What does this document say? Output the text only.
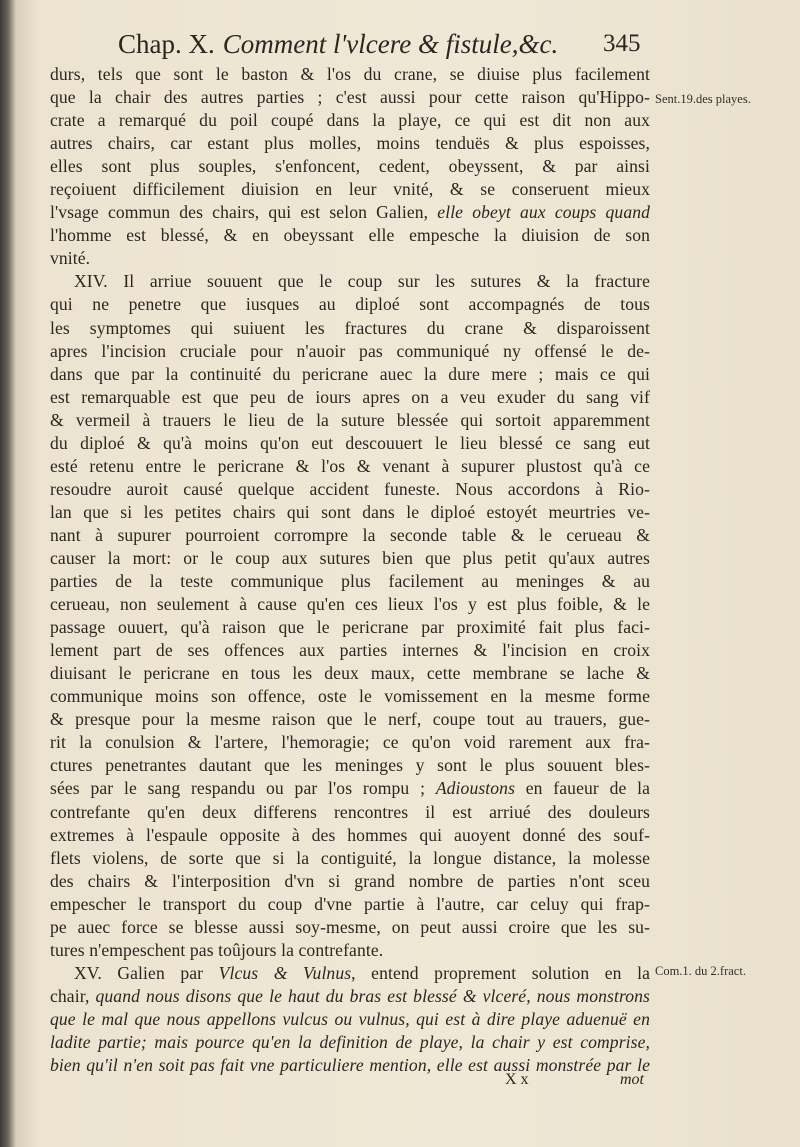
Chap. X. Comment l'vlcere & fistule,&c.	345
Sent.19.des playes.
Com.1. du 2.fract.
durs, tels que sont le baston & l'os du crane, se diuise plus facilement
que la chair des autres parties ; c'est aussi pour cette raison qu'Hippo-
crate a remarqué du poil coupé dans la playe, ce qui est dit non aux
autres chairs, car estant plus molles, moins tenduës & plus espoisses,
elles sont plus souples, s'enfoncent, cedent, obeyssent, & par ainsi
reçoiuent difficilement diuision en leur vnité, & se conseruent mieux
l'vsage commun des chairs, qui est selon Galien, elle obeyt aux coups quand
l'homme est blessé, & en obeyssant elle empesche la diuision de son
vnité.
XIV. Il arriue souuent que le coup sur les sutures & la fracture
qui ne penetre que iusques au diploé sont accompagnés de tous
les symptomes qui suiuent les fractures du crane & disparoissent
apres l'incision cruciale pour n'auoir pas communiqué ny offensé le de-
dans que par la continuité du pericrane auec la dure mere ; mais ce qui
est remarquable est que peu de iours apres on a veu exuder du sang vif
& vermeil à trauers le lieu de la suture blessée qui sortoit apparemment
du diploé & qu'à moins qu'on eut descouuert le lieu blessé ce sang eut
esté retenu entre le pericrane & l'os & venant à supurer plustost qu'à ce
resoudre auroit causé quelque accident funeste. Nous accordons à Rio-
lan que si les petites chairs qui sont dans le diploé estoyét meurtries ve-
nant à supurer pourroient corrompre la seconde table & le cerueau &
causer la mort: or le coup aux sutures bien que plus petit qu'aux autres
parties de la teste communique plus facilement au meninges & au
cerueau, non seulement à cause qu'en ces lieux l'os y est plus foible, & le
passage ouuert, qu'à raison que le pericrane par proximité fait plus faci-
lement part de ses offences aux parties internes & l'incision en croix
diuisant le pericrane en tous les deux maux, cette membrane se lache &
communique moins son offence, oste le vomissement en la mesme forme
& presque pour la mesme raison que le nerf, coupe tout au trauers, gue-
rit la conulsion & l'artere, l'hemoragie; ce qu'on void rarement aux fra-
ctures penetrantes dautant que les meninges y sont le plus souuent bles-
sées par le sang respandu ou par l'os rompu ; Adioustons en faueur de la
contrefante qu'en deux differens rencontres il est arriué des douleurs
extremes à l'espaule opposite à des hommes qui auoyent donné des souf-
flets violens, de sorte que si la contiguité, la longue distance, la molesse
des chairs & l'interposition d'vn si grand nombre de parties n'ont sceu
empescher le transport du coup d'vne partie à l'autre, car celuy qui frap-
pe auec force se blesse aussi soy-mesme, on peut aussi croire que les su-
tures n'empeschent pas toûjours la contrefante.
XV. Galien par Vlcus & Vulnus, entend proprement solution en la
chair, quand nous disons que le haut du bras est blessé & vlceré, nous monstrons
que le mal que nous appellons vulcus ou vulnus, qui est à dire playe aduenuë en
ladite partie; mais pource qu'en la definition de playe, la chair y est comprise,
bien qu'il n'en soit pas fait vne particuliere mention, elle est aussi monstrée par le
X x	mot
